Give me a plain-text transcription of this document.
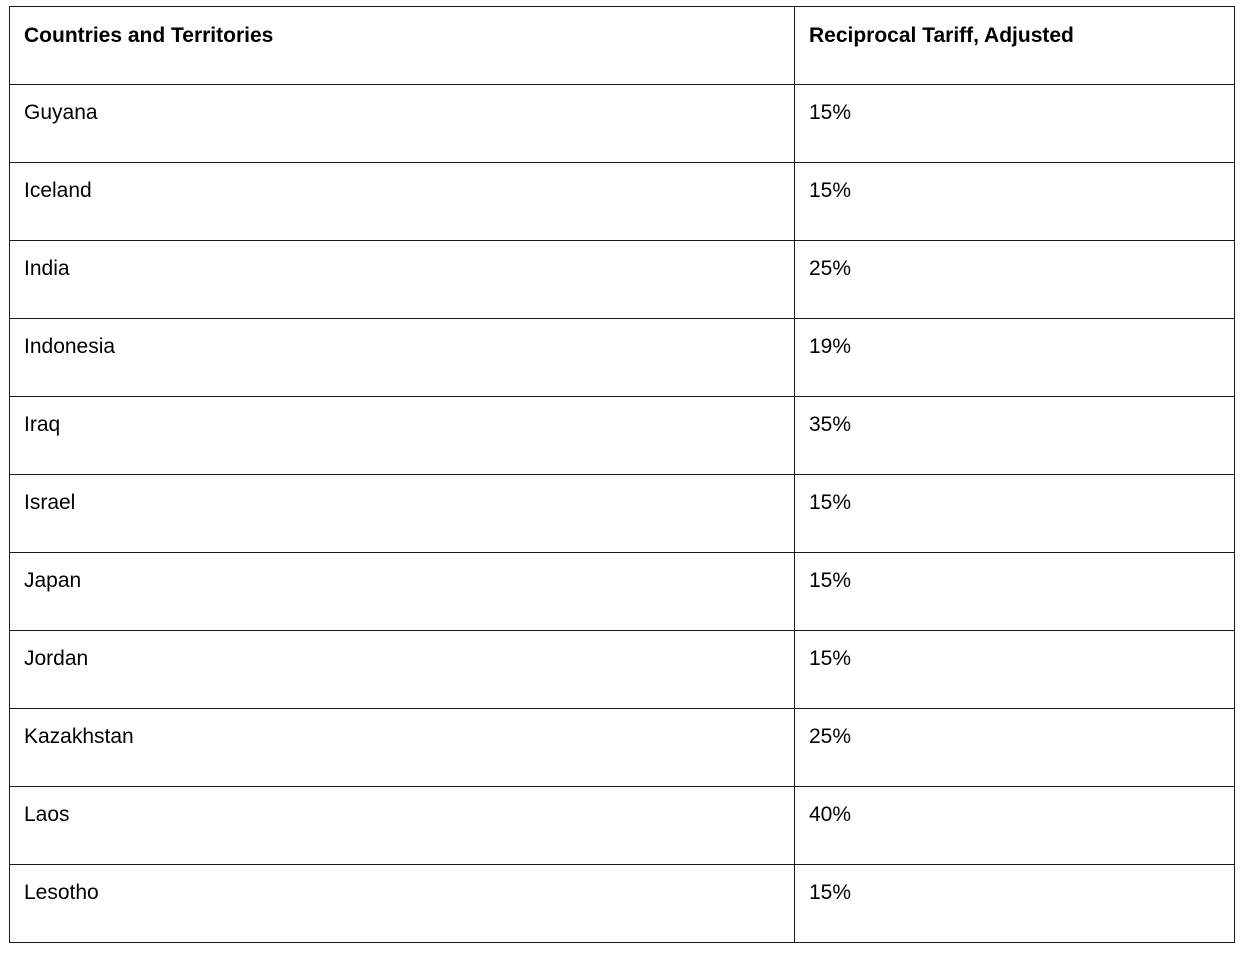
Countries and Territories	Reciprocal Tariff, Adjusted
Guyana	15%
Iceland	15%
India	25%
Indonesia	19%
Iraq	35%
Israel	15%
Japan	15%
Jordan	15%
Kazakhstan	25%
Laos	40%
Lesotho	15%
